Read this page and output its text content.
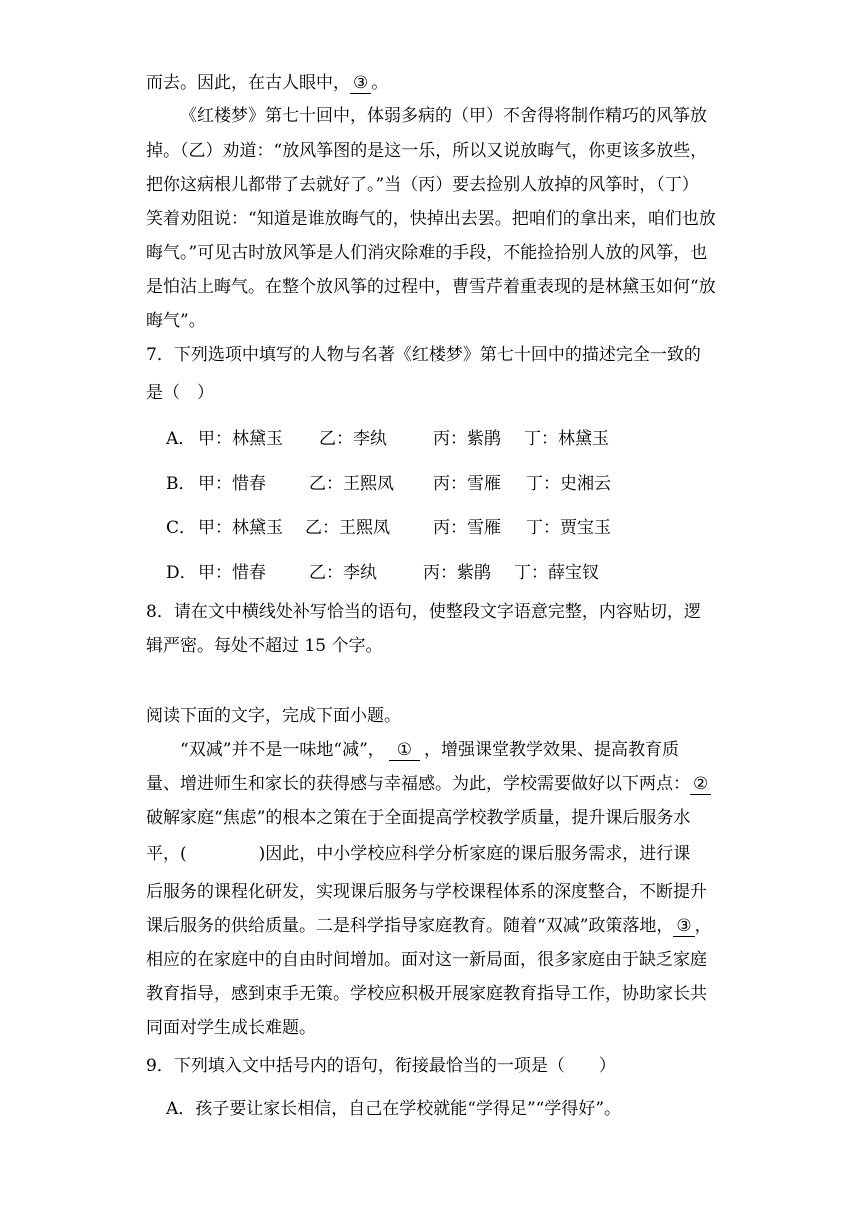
而去。因此，在古人眼中， ③ 。
《红楼梦》第七十回中，体弱多病的（甲）不舍得将制作精巧的风筝放
掉。（乙）劝道：“放风筝图的是这一乐，所以又说放晦气，你更该多放些，
把你这病根儿都带了去就好了。”当（丙）要去捡别人放掉的风筝时，（丁）
笑着劝阻说：“知道是谁放晦气的，快掉出去罢。把咱们的拿出来，咱们也放
晦气。”可见古时放风筝是人们消灾除难的手段，不能捡拾别人放的风筝，也
是怕沾上晦气。在整个放风筝的过程中，曹雪芹着重表现的是林黛玉如何“放
晦气”。
7．下列选项中填写的人物与名著《红楼梦》第七十回中的描述完全一致的
是（　）
A． 甲：林黛玉 乙：李纨	丙：紫鹃 丁：林黛玉
B． 甲：惜春	乙：王熙凤 丙：雪雁 丁：史湘云
C． 甲：林黛玉 乙：王熙凤	丙：雪雁 丁：贾宝玉
D． 甲：惜春	乙：李纨	丙：紫鹃 丁：薛宝钗
8．请在文中横线处补写恰当的语句，使整段文字语意完整，内容贴切，逻
辑严密。每处不超过 15 个字。
阅读下面的文字，完成下面小题。
“双减”并不是一味地“减”， ① ，增强课堂教学效果、提高教育质
量、增进师生和家长的获得感与幸福感。为此，学校需要做好以下两点： ②
破解家庭“焦虑”的根本之策在于全面提高学校教学质量，提升课后服务水
平，(	)因此，中小学校应科学分析家庭的课后服务需求，进行课
后服务的课程化研发，实现课后服务与学校课程体系的深度整合，不断提升
课后服务的供给质量。二是科学指导家庭教育。随着“双减”政策落地， ③ ，
相应的在家庭中的自由时间增加。面对这一新局面，很多家庭由于缺乏家庭
教育指导，感到束手无策。学校应积极开展家庭教育指导工作，协助家长共
同面对学生成长难题。
9．下列填入文中括号内的语句，衔接最恰当的一项是（　　）
A．孩子要让家长相信，自己在学校就能“学得足”“学得好”。
